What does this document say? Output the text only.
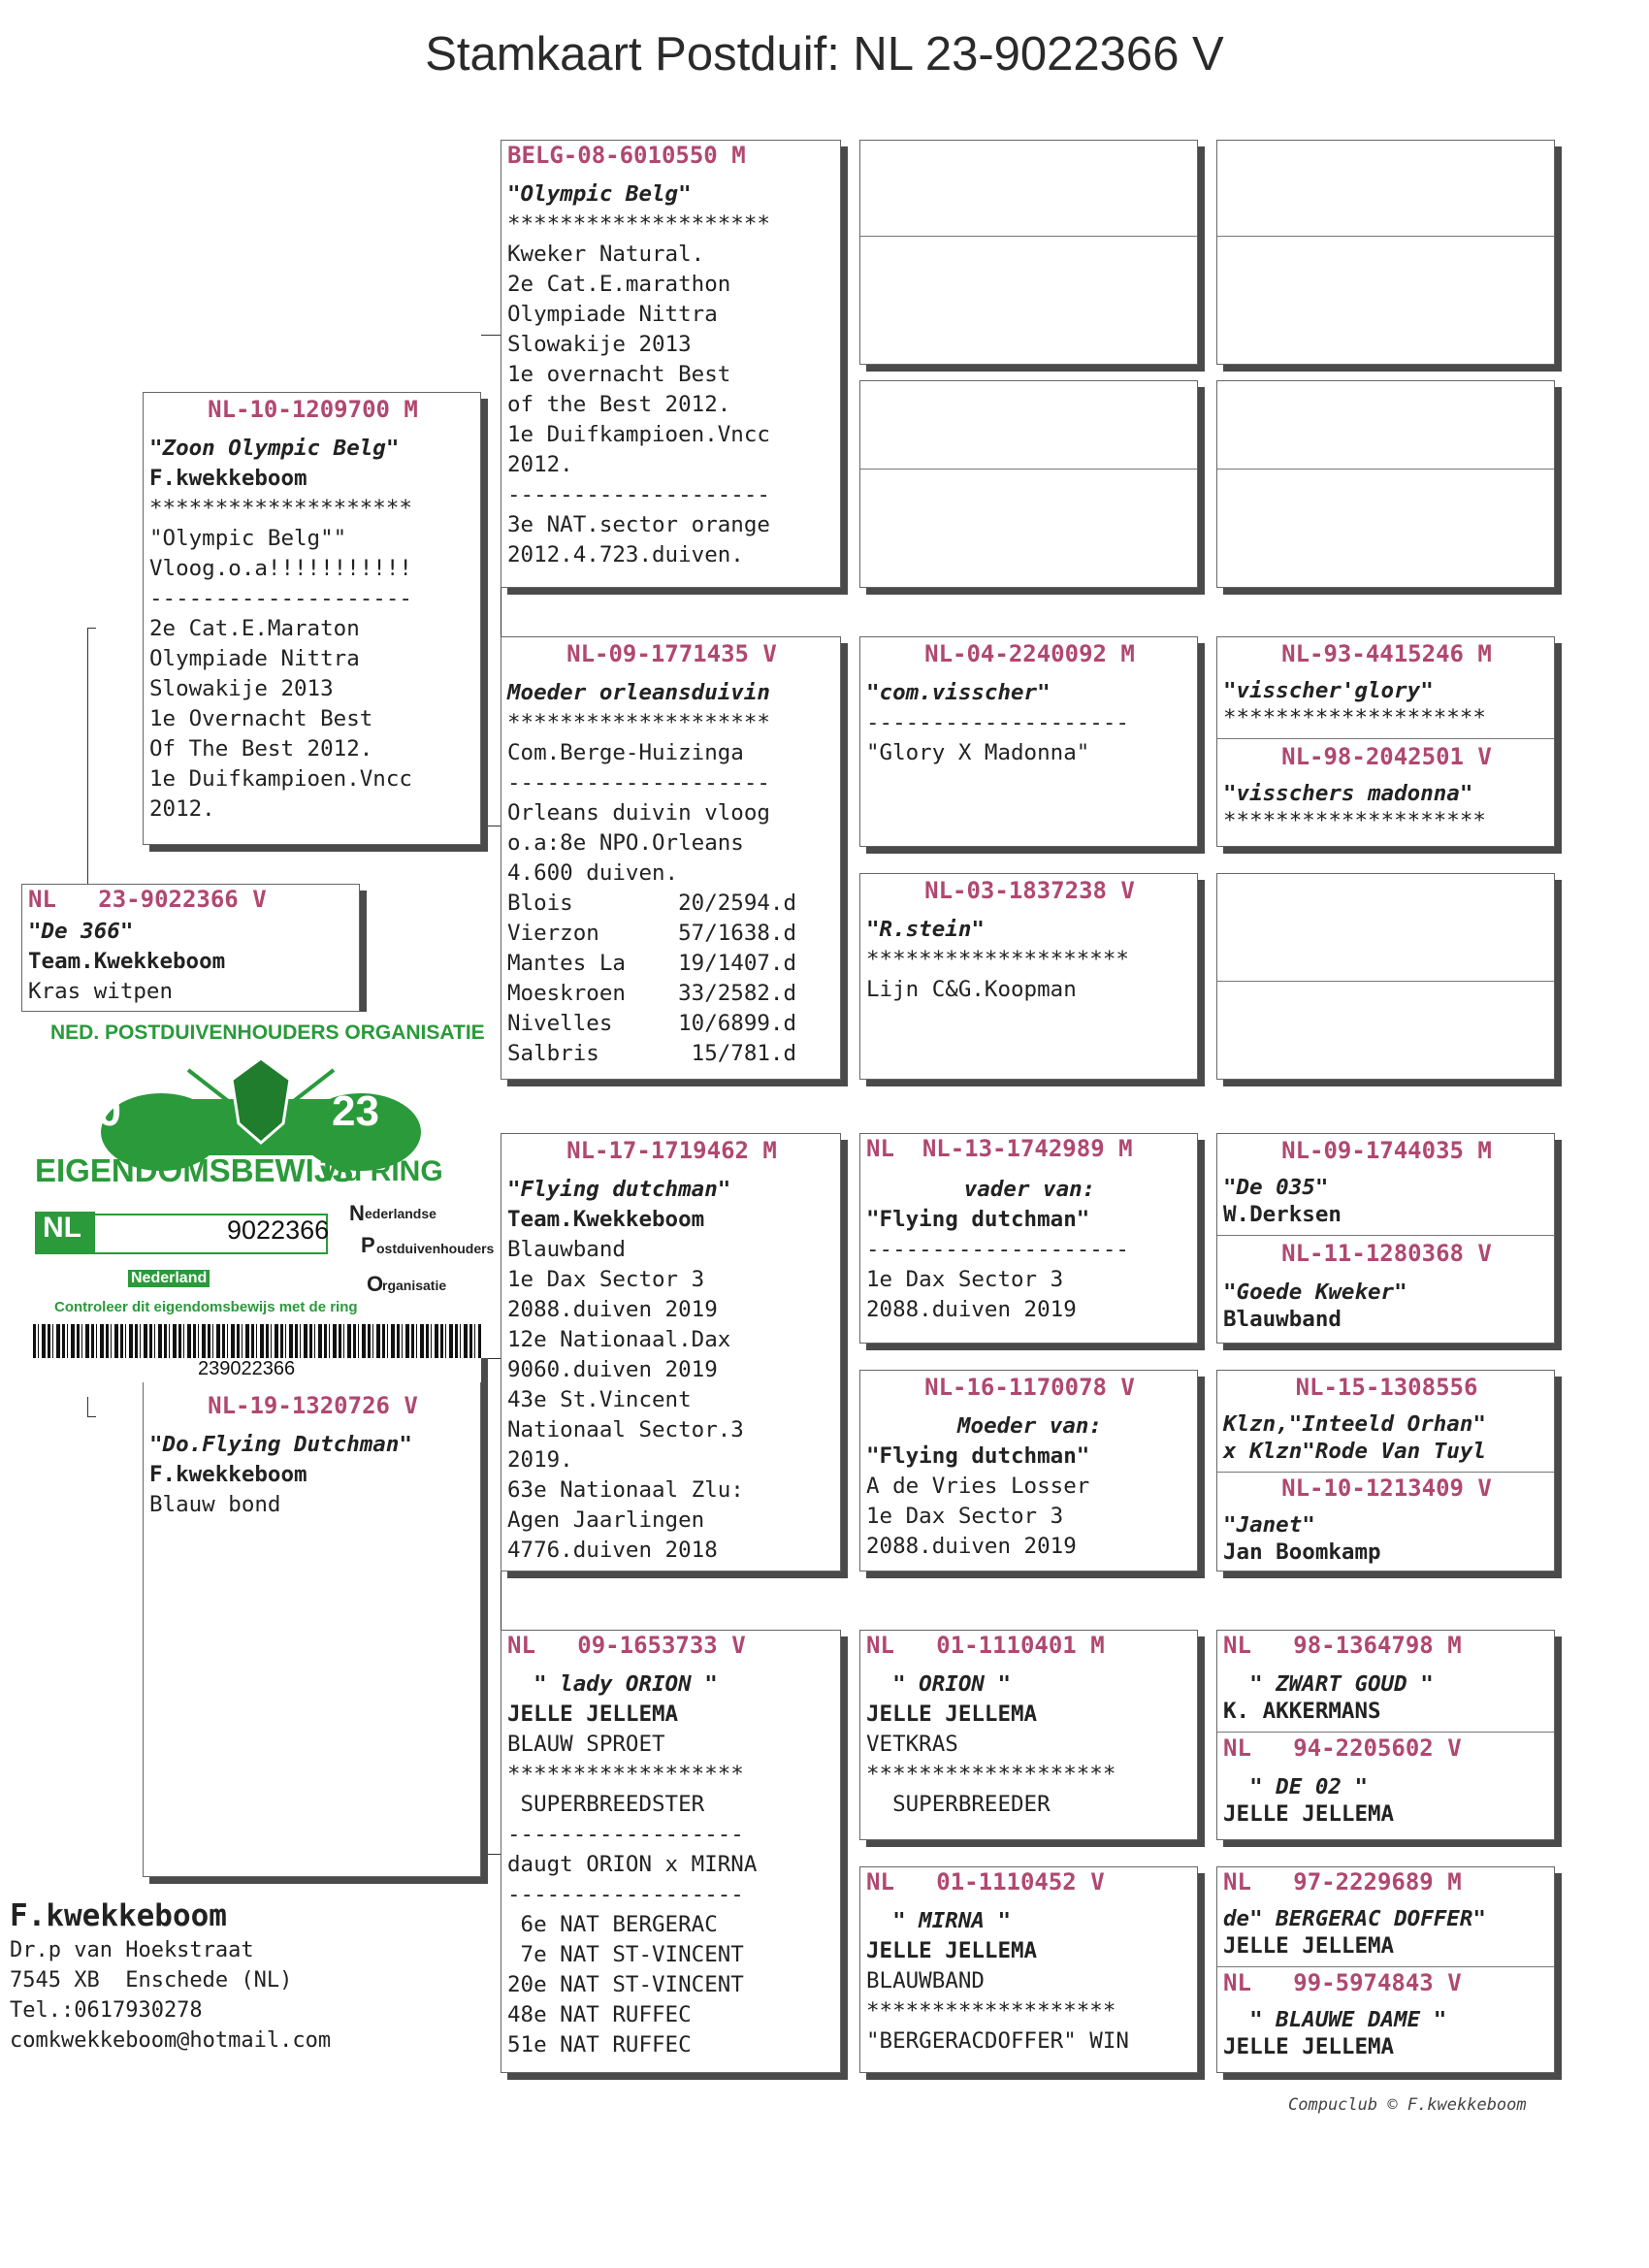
Stamkaart Postduif: NL 23-9022366 V
NL 23-9022366 V
"De 366"
Team.Kwekkeboom
Kras witpen
NL-10-1209700 M
"Zoon Olympic Belg"
F.kwekkeboom
********************
"Olympic Belg""
Vloog.o.a!!!!!!!!!!!
--------------------
2e Cat.E.Maraton
Olympiade Nittra
Slowakije 2013
1e Overnacht Best
Of The Best 2012.
1e Duifkampioen.Vncc
2012.
NL-19-1320726 V
"Do.Flying Dutchman"
F.kwekkeboom
Blauw bond
BELG-08-6010550 M
"Olympic Belg"
********************
Kweker Natural.
2e Cat.E.marathon
Olympiade Nittra
Slowakije 2013
1e overnacht Best
of the Best 2012.
1e Duifkampioen.Vncc
2012.
--------------------
3e NAT.sector orange
2012.4.723.duiven.
NL-09-1771435 V
Moeder orleansduivin
********************
Com.Berge-Huizinga
--------------------
Orleans duivin vloog
o.a:8e NPO.Orleans
4.600 duiven.
Blois        20/2594.d
Vierzon      57/1638.d
Mantes La    19/1407.d
Moeskroen    33/2582.d
Nivelles     10/6899.d
Salbris       15/781.d
NL-17-1719462 M
"Flying dutchman"
Team.Kwekkeboom
Blauwband
1e Dax Sector 3
2088.duiven 2019
12e Nationaal.Dax
9060.duiven 2019
43e St.Vincent
Nationaal Sector.3
2019.
63e Nationaal Zlu:
Agen Jaarlingen
4776.duiven 2018
NL 09-1653733 V
" lady ORION "
JELLE JELLEMA
BLAUW SPROET
******************
SUPERBREEDSTER
------------------
daugt ORION x MIRNA
------------------
6e NAT BERGERAC
7e NAT ST-VINCENT
20e NAT ST-VINCENT
48e NAT RUFFEC
51e NAT RUFFEC
NL-04-2240092 M
"com.visscher"
--------------------
"Glory X Madonna"
NL-03-1837238 V
"R.stein"
********************
Lijn C&G.Koopman
NL NL-13-1742989 M
vader van:
"Flying dutchman"
--------------------
1e Dax Sector 3
2088.duiven 2019
NL-16-1170078 V
Moeder van:
"Flying dutchman"
A de Vries Losser
1e Dax Sector 3
2088.duiven 2019
NL 01-1110401 M
" ORION "
JELLE JELLEMA
VETKRAS
*******************
SUPERBREEDER
NL 01-1110452 V
" MIRNA "
JELLE JELLEMA
BLAUWBAND
*******************
"BERGERACDOFFER" WIN
NL-93-4415246 M
"visscher'glory"
********************
NL-98-2042501 V
"visschers madonna"
********************
NL-09-1744035 M
"De 035"
W.Derksen
NL-11-1280368 V
"Goede Kweker"
Blauwband
NL-15-1308556
Klzn,"Inteeld Orhan"
x Klzn"Rode Van Tuyl
NL-10-1213409 V
"Janet"
Jan Boomkamp
NL 98-1364798 M
" ZWART GOUD "
K. AKKERMANS
NL 94-2205602 V
" DE 02 "
JELLE JELLEMA
NL 97-2229689 M
de" BERGERAC DOFFER"
JELLE JELLEMA
NL 99-5974843 V
" BLAUWE DAME "
JELLE JELLEMA
NED. POSTDUIVENHOUDERS ORGANISATIE
20	23
EIGENDOMSBEWIJS
v/d RING
NL	9022366
Nederland
N ederlandse
P ostduivenhouders
O
rganisatie
Controleer dit eigendomsbewijs met de ring
239022366
F.kwekkeboom
Dr.p van Hoekstraat
7545 XB  Enschede (NL)
Tel.:0617930278
comkwekkeboom@hotmail.com
Compuclub © F.kwekkeboom
